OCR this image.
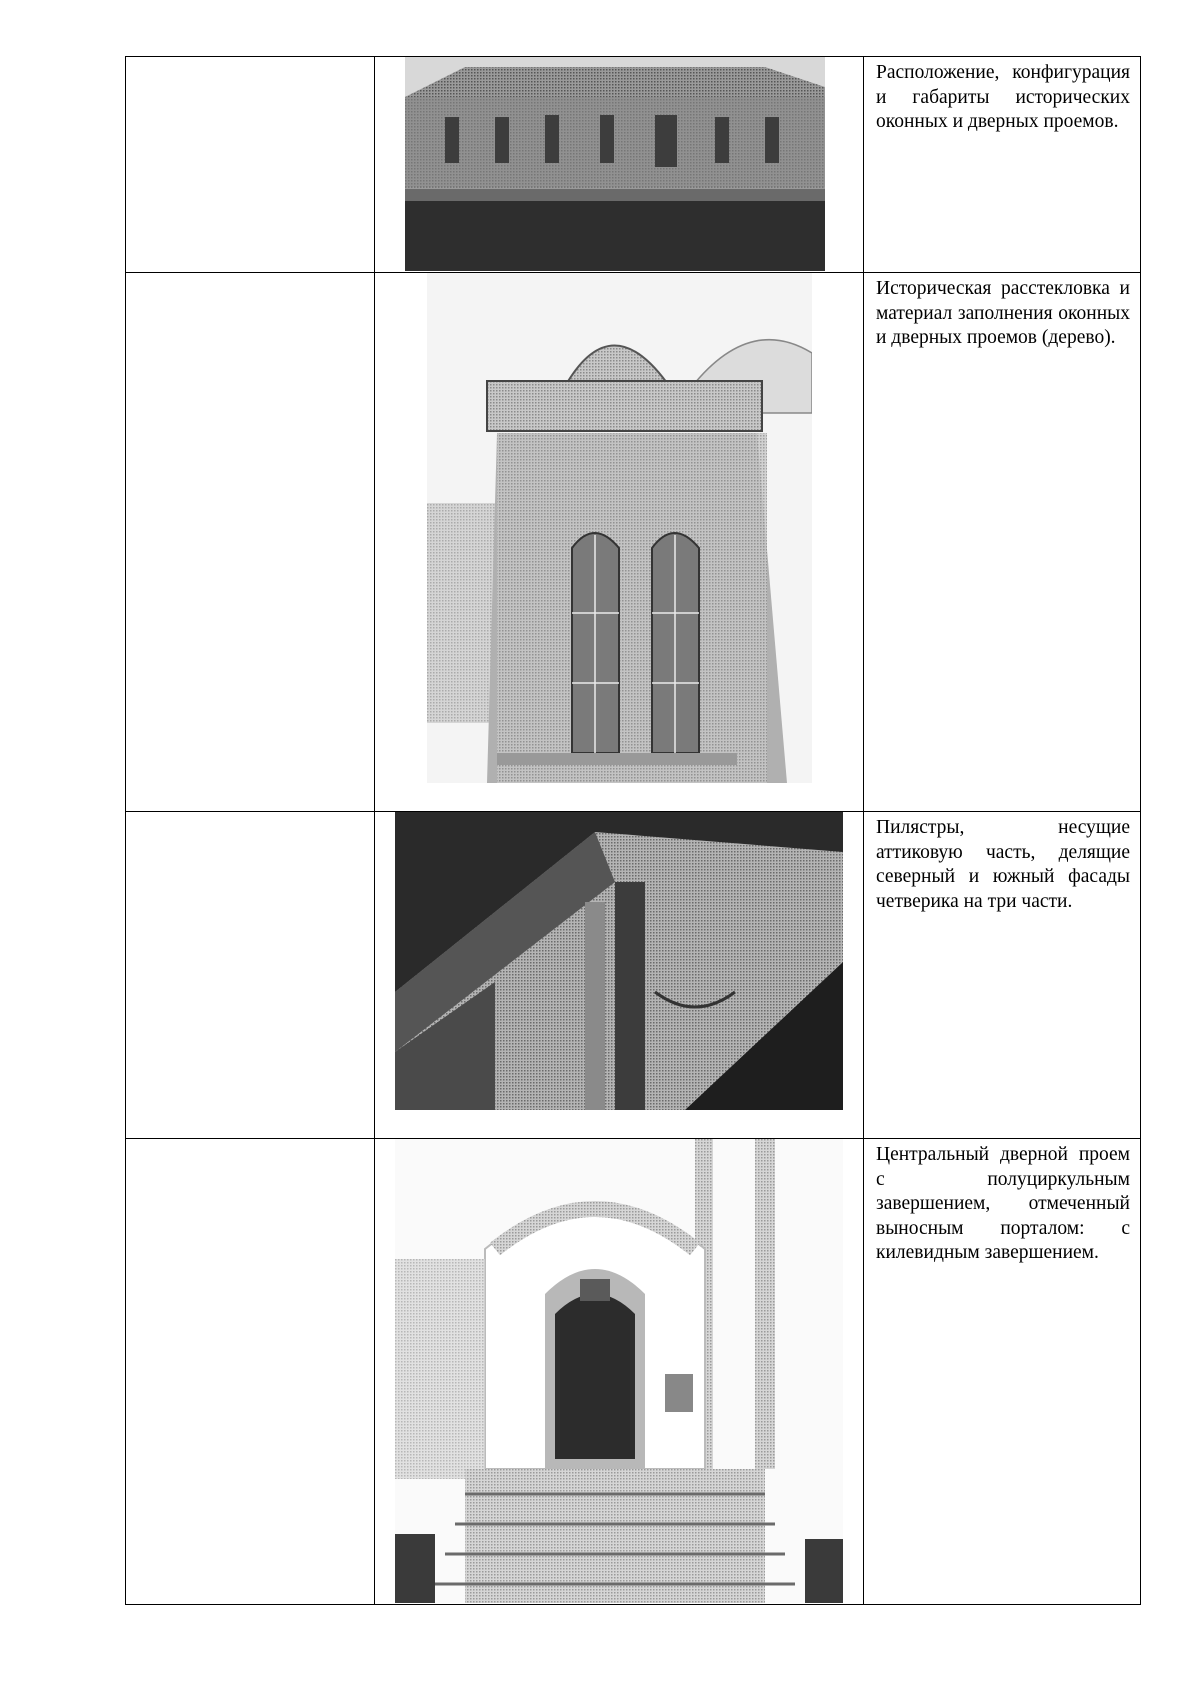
Расположение, конфигурация и габариты исторических оконных и дверных проемов.

Историческая расстекловка и материал заполнения оконных и дверных проемов (дерево).

Пилястры, несущие аттиковую часть, делящие северный и южный фасады четверика на три части.

Центральный дверной проем с полуциркульным завершением, отмеченный выносным порталом: с килевидным завершением.
